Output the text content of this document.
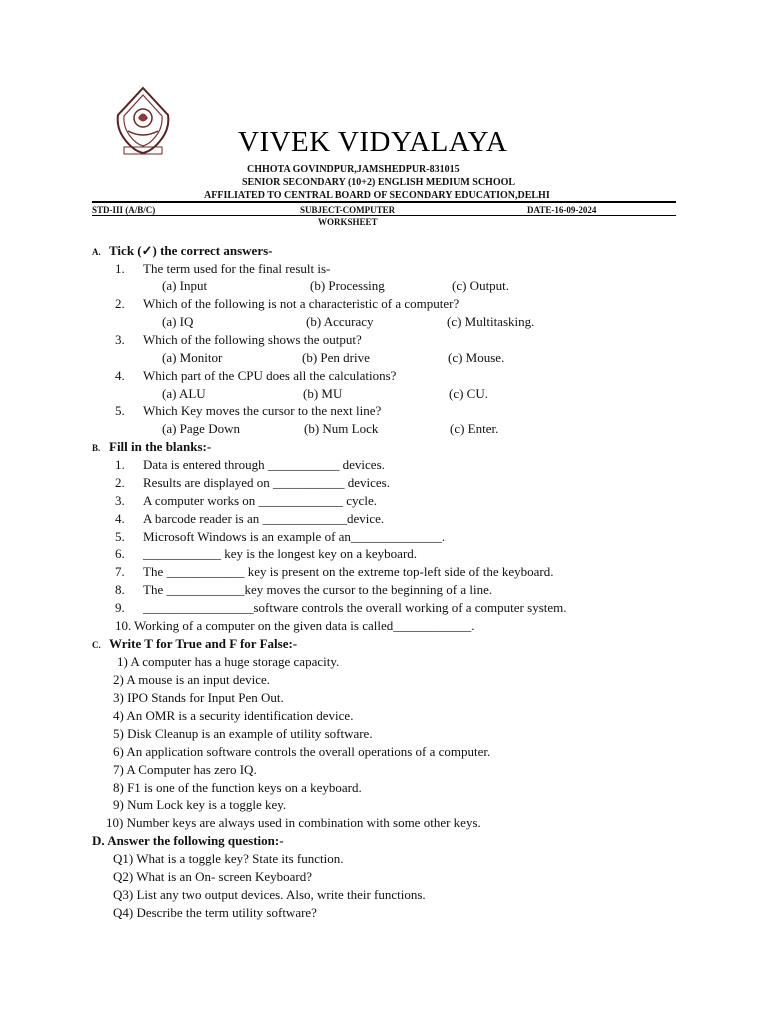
VIVEK VIDYALAYA
CHHOTA GOVINDPUR,JAMSHEDPUR-831015
SENIOR SECONDARY (10+2) ENGLISH MEDIUM SCHOOL
AFFILIATED TO CENTRAL BOARD OF SECONDARY EDUCATION,DELHI
STD-III (A/B/C)	SUBJECT-COMPUTER	DATE-16-09-2024
WORKSHEET
A. Tick (✓) the correct answers-
1. The term used for the final result is-
(a) Input	(b) Processing	(c) Output.
2. Which of the following is not a characteristic of a computer?
(a) IQ	(b) Accuracy	(c) Multitasking.
3. Which of the following shows the output?
(a) Monitor	(b) Pen drive	(c) Mouse.
4. Which part of the CPU does all the calculations?
(a) ALU	(b) MU	(c) CU.
5. Which Key moves the cursor to the next line?
(a) Page Down	(b) Num Lock	(c) Enter.
B. Fill in the blanks:-
1. Data is entered through ___________ devices.
2. Results are displayed on ___________ devices.
3. A computer works on _____________ cycle.
4. A barcode reader is an _____________device.
5. Microsoft Windows is an example of an______________.
6. ____________ key is the longest key on a keyboard.
7. The ____________ key is present on the extreme top-left side of the keyboard.
8. The ____________key moves the cursor to the beginning of a line.
9. _________________software controls the overall working of a computer system.
10. Working of a computer on the given data is called____________.
C. Write T for True and F for False:-
1) A computer has a huge storage capacity.
2) A mouse is an input device.
3) IPO Stands for Input Pen Out.
4) An OMR is a security identification device.
5) Disk Cleanup is an example of utility software.
6) An application software controls the overall operations of a computer.
7) A Computer has zero IQ.
8) F1 is one of the function keys on a keyboard.
9) Num Lock key is a toggle key.
10) Number keys are always used in combination with some other keys.
D. Answer the following question:-
Q1) What is a toggle key? State its function.
Q2) What is an On- screen Keyboard?
Q3) List any two output devices. Also, write their functions.
Q4) Describe the term utility software?
